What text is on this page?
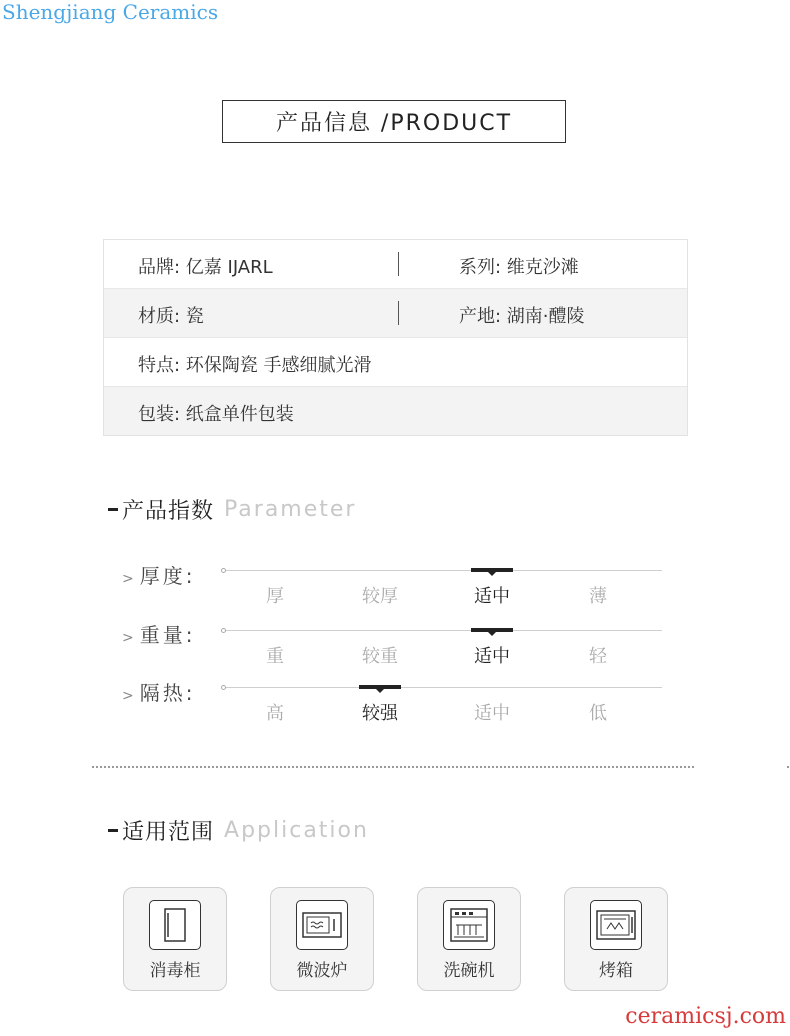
Shengjiang Ceramics
产品信息 /PRODUCT
品牌: 亿嘉 IJARL	系列: 维克沙滩
材质: 瓷	产地: 湖南·醴陵
特点: 环保陶瓷 手感细腻光滑
包装: 纸盒单件包装
产品指数 Parameter
> 厚度:
厚	较厚	适中	薄
> 重量:
重	较重	适中	轻
> 隔热:
高	较强	适中	低
适用范围 Application
消毒柜	微波炉	洗碗机	烤箱
ceramicsj.com
